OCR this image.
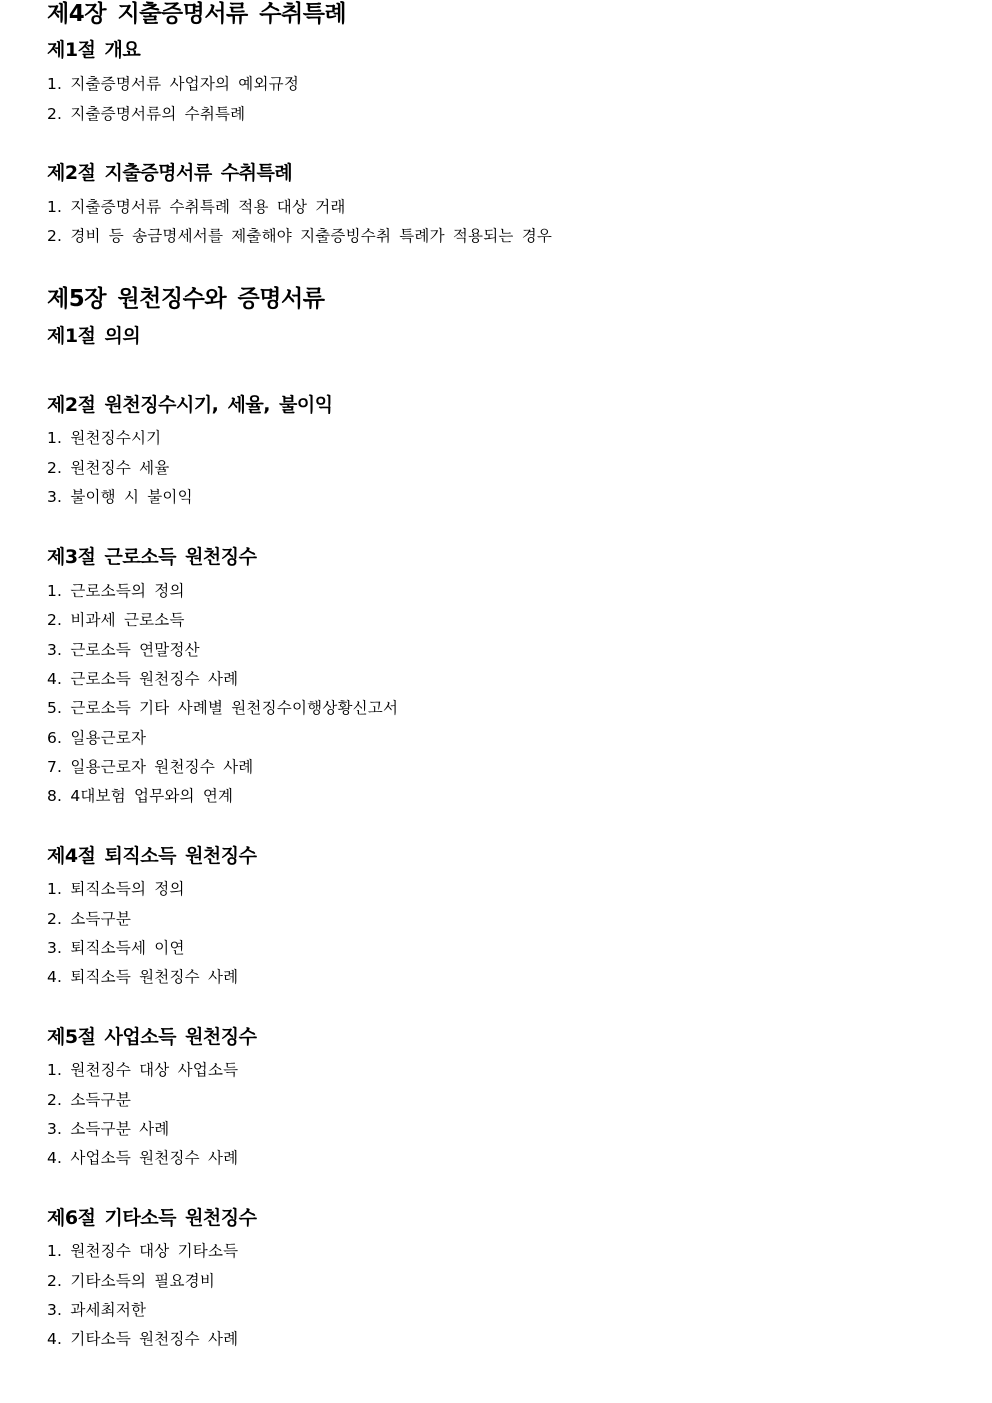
제4장 지출증명서류 수취특례
제1절 개요

1. 지출증명서류 사업자의 예외규정

2. 지출증명서류의 수취특례

제2절 지출증명서류 수취특례

1. 지출증명서류 수취특례 적용 대상 거래

2. 경비 등 송금명세서를 제출해야 지출증빙수취 특례가 적용되는 경우

제5장 원천징수와 증명서류
제1절 의의
제2절 원천징수시기, 세율, 불이익

1. 원천징수시기

2. 원천징수 세율

3. 불이행 시 불이익

제3절 근로소득 원천징수

1. 근로소득의 정의

2. 비과세 근로소득

3. 근로소득 연말정산

4. 근로소득 원천징수 사례

5. 근로소득 기타 사례별 원천징수이행상황신고서

6. 일용근로자

7. 일용근로자 원천징수 사례

8. 4대보험 업무와의 연계

제4절 퇴직소득 원천징수

1. 퇴직소득의 정의

2. 소득구분

3. 퇴직소득세 이연

4. 퇴직소득 원천징수 사례

제5절 사업소득 원천징수

1. 원천징수 대상 사업소득

2. 소득구분

3. 소득구분 사례

4. 사업소득 원천징수 사례

제6절 기타소득 원천징수

1. 원천징수 대상 기타소득

2. 기타소득의 필요경비

3. 과세최저한

4. 기타소득 원천징수 사례
